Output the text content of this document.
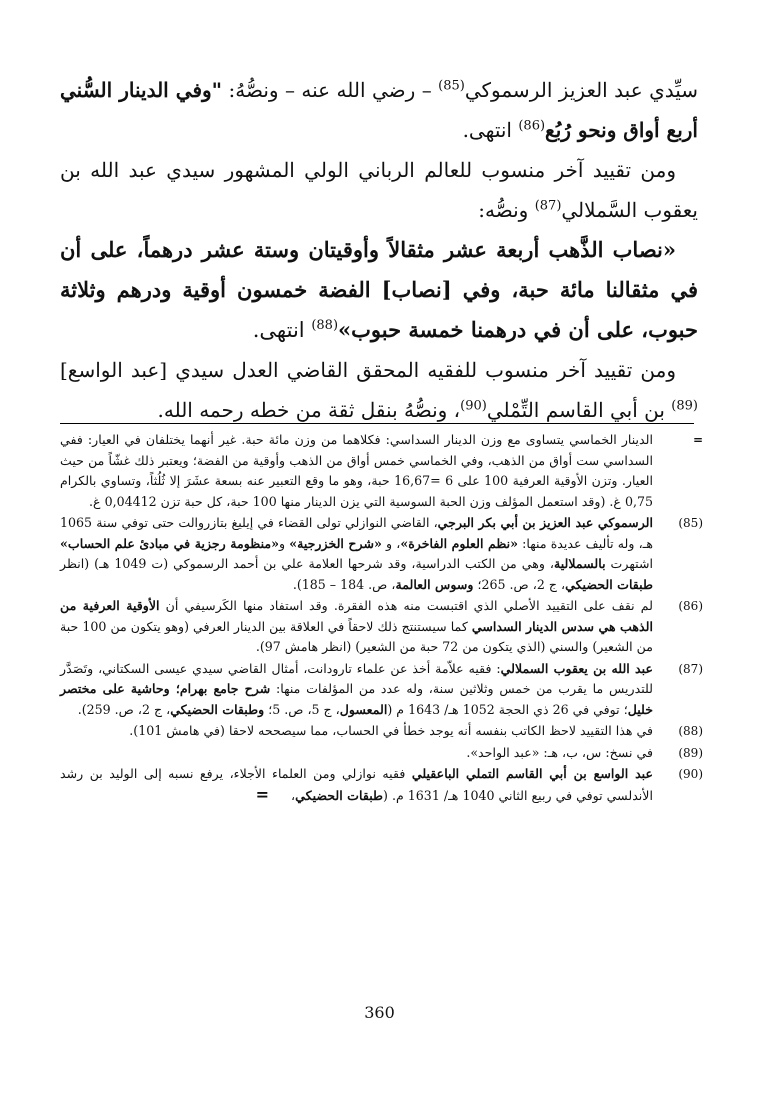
سيِّدي عبد العزيز الرسموكي$^{(85)}$ – رضي الله عنه – ونصُّهُ: "وفي الدينار السُّني أربع أواق ونحو رُبُع$^{(86)}$ انتهى.

ومن تقييد آخر منسوب للعالم الرباني الولي المشهور سيدي عبد الله بن يعقوب السَّملالي$^{(87)}$ ونصُّه:

«نصاب الذَّهب أربعة عشر مثقالاً وأوقيتان وستة عشر درهماً، على أن في مثقالنا مائة حبة، وفي [نصاب] الفضة خمسون أوقية ودرهم وثلاثة حبوب، على أن في درهمنا خمسة حبوب»$^{(88)}$ انتهى.

ومن تقييد آخر منسوب للفقيه المحقق القاضي العدل سيدي [عبد الواسع]$^{(89)}$ بن أبي القاسم التِّمْلي$^{(90)}$، ونصُّهُ بنقل ثقة من خطه رحمه الله.

=
الدينار الخماسي يتساوى مع وزن الدينار السداسي: فكلاهما من وزن مائة حبة. غير أنهما يختلفان في العيار: ففي السداسي ست أواق من الذهب، وفي الخماسي خمس أواق من الذهب وأوقية من الفضة؛ ويعتبر ذلك غشّاً من حيث العيار. وتزن الأوقية العرفية 100 على 6 =16,67 حبة، وهو ما وقع التعبير عنه بسعة عشَرَ إلا ثُلُثاً، وتساوي بالكرام 0,75 غ. (وقد استعمل المؤلف وزن الحبة السوسية التي يزن الدينار منها 100 حبة، كل حبة تزن 0,04412 غ.
(85)
الرسموكي عبد العزيز بن أبي بكر البرجي، القاضي النوازلي تولى القضاء في إيليغ بتازروالت حتى توفي سنة 1065 هـ، وله تأليف عديدة منها: «نظم العلوم الفاخرة»، و «شرح الخزرجية» و«منظومة رجزية في مبادئ علم الحساب» اشتهرت بالسملالية، وهي من الكتب الدراسية، وقد شرحها العلامة علي بن أحمد الرسموكي (ت 1049 هـ) (انظر طبقات الحضيكي، ج 2، ص. 265؛ وسوس العالمة، ص. 184 – 185).
(86)
لم نقف على التقييد الأصلي الذي اقتبست منه هذه الفقرة. وقد استفاد منها الكَرسيفي أن الأوقية العرفية من الذهب هي سدس الدينار السداسي كما سيستنتج ذلك لاحقاً في العلاقة بين الدينار العرفي (وهو يتكون من 100 حبة من الشعير) والسني (الذي يتكون من 72 حبة من الشعير) (انظر هامش 97).
(87)
عبد الله بن يعقوب السملالي: فقيه علاّمة أخذ عن علماء تارودانت، أمثال القاضي سيدي عيسى السكتاني، وتَصَدَّر للتدريس ما يقرب من خمس وثلاثين سنة، وله عدد من المؤلفات منها: شرح جامع بهرام؛ وحاشية على مختصر خليل؛ توفي في 26 ذي الحجة 1052 هـ/ 1643 م (المعسول، ج 5، ص. 5؛ وطبقات الحضيكي، ج 2، ص. 259).
(88)
في هذا التقييد لاحظ الكاتب بنفسه أنه يوجد خطأ في الحساب، مما سيصححه لاحقا (في هامش 101).
(89)
في نسخ: س، ب، هـ: «عبد الواحد».
(90)
عبد الواسع بن أبي القاسم التملي الباعقيلي فقيه نوازلي ومن العلماء الأجلاء، يرفع نسبه إلى الوليد بن رشد الأندلسي توفي في ربيع الثاني 1040 هـ/ 1631 م. (طبقات الحضيكي، =
360
